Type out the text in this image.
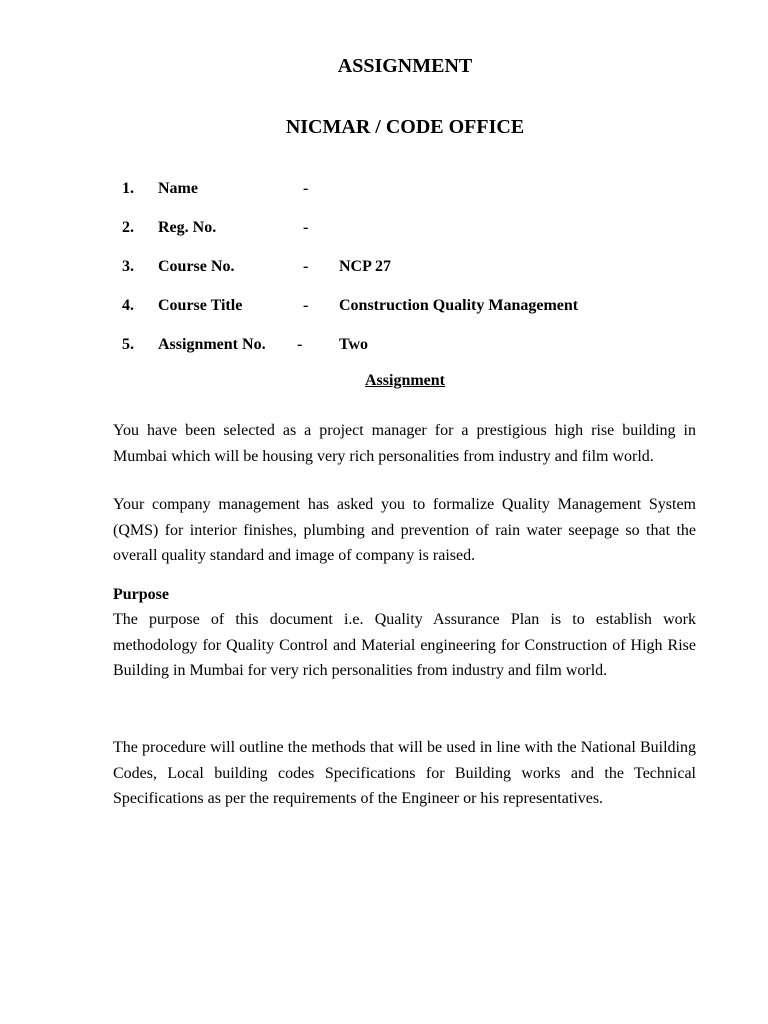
ASSIGNMENT
NICMAR / CODE OFFICE
1. Name	-
2. Reg. No.	-
3. Course No.	- NCP 27
4. Course Title	- Construction Quality Management
5. Assignment No. - Two
Assignment

You have been selected as a project manager for a prestigious high rise building in Mumbai which will be housing very rich personalities from industry and film world.

Your company management has asked you to formalize Quality Management System (QMS) for interior finishes, plumbing and prevention of rain water seepage so that the overall quality standard and image of company is raised.

Purpose

The purpose of this document i.e. Quality Assurance Plan is to establish work methodology for Quality Control and Material engineering for Construction of High Rise Building in Mumbai for very rich personalities from industry and film world.

The procedure will outline the methods that will be used in line with the National Building Codes, Local building codes Specifications for Building works and the Technical Specifications as per the requirements of the Engineer or his representatives.
